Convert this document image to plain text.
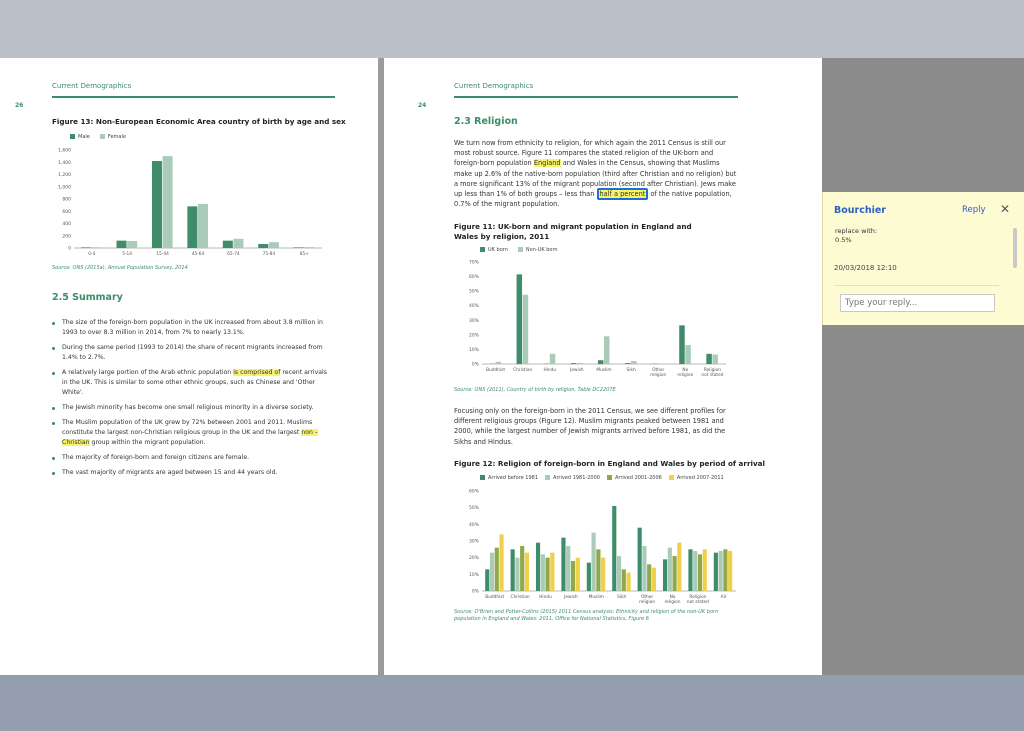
Current Demographics
26
Figure 13: Non-European Economic Area country of birth by age and sex
Male	Female
0
200
400
600
800
1,000
1,200
1,400
1,600
0-4	5-14	15-44	45-64	65-74	75-84	85+
Source: ONS (2015a), Annual Population Survey, 2014
2.5 Summary
The size of the foreign-born population in the UK increased from about 3.8 million in 1993 to over 8.3 million in 2014, from 7% to nearly 13.1%.
During the same period (1993 to 2014) the share of recent migrants increased from 1.4% to 2.7%.
A relatively large portion of the Arab ethnic population is comprised of recent arrivals in the UK. This is similar to some other ethnic groups, such as Chinese and 'Other White'.
The Jewish minority has become one small religious minority in a diverse society.
The Muslim population of the UK grew by 72% between 2001 and 2011. Muslims constitute the largest non-Christian religious group in the UK and the largest non – Christian group within the migrant population.
The majority of foreign-born and foreign citizens are female.
The vast majority of migrants are aged between 15 and 44 years old.
Current Demographics
24
2.3 Religion
We turn now from ethnicity to religion, for which again the 2011 Census is still our most robust source. Figure 11 compares the stated religion of the UK-born and foreign-born population England and Wales in the Census, showing that Muslims make up 2.6% of the native-born population (third after Christian and no religion) but a more significant 13% of the migrant population (second after Christian). Jews make up less than 1% of both groups – less than half a percent of the native population, 0.7% of the migrant population.
Figure 11: UK-born and migrant population in England and Wales by religion, 2011
UK born	Non-UK born
0%
10%
20%
30%
40%
50%
60%
70%
Buddhist Christian	Hindu	Jewish	Muslim	Sikh	Other
religion
No
religion
Religion
not stated
Source: ONS (2011), Country of birth by religion, Table DC2207E
Focusing only on the foreign-born in the 2011 Census, we see different profiles for different religious groups (Figure 12). Muslim migrants peaked between 1981 and 2000, while the largest number of Jewish migrants arrived before 1981, as did the Sikhs and Hindus.
Figure 12: Religion of foreign-born in England and Wales by period of arrival
Arrived before 1981	Arrived 1981-2000	Arrived 2001-2006	Arrived 2007-2011
0%
10%
20%
30%
40%
50%
60%
Buddhist Christian Hindu	Jewish	Muslim	Sikh	Other
religion
No
religion
Religion
not stated
All
Source: O'Brien and Potter-Collins (2015) 2011 Census analysis: Ethnicity and religion of the non-UK born population in England and Wales: 2011, Office for National Statistics, Figure 6
Bourchier	Reply ✕
replace with:
0.5%
20/03/2018 12:10
Type your reply...
